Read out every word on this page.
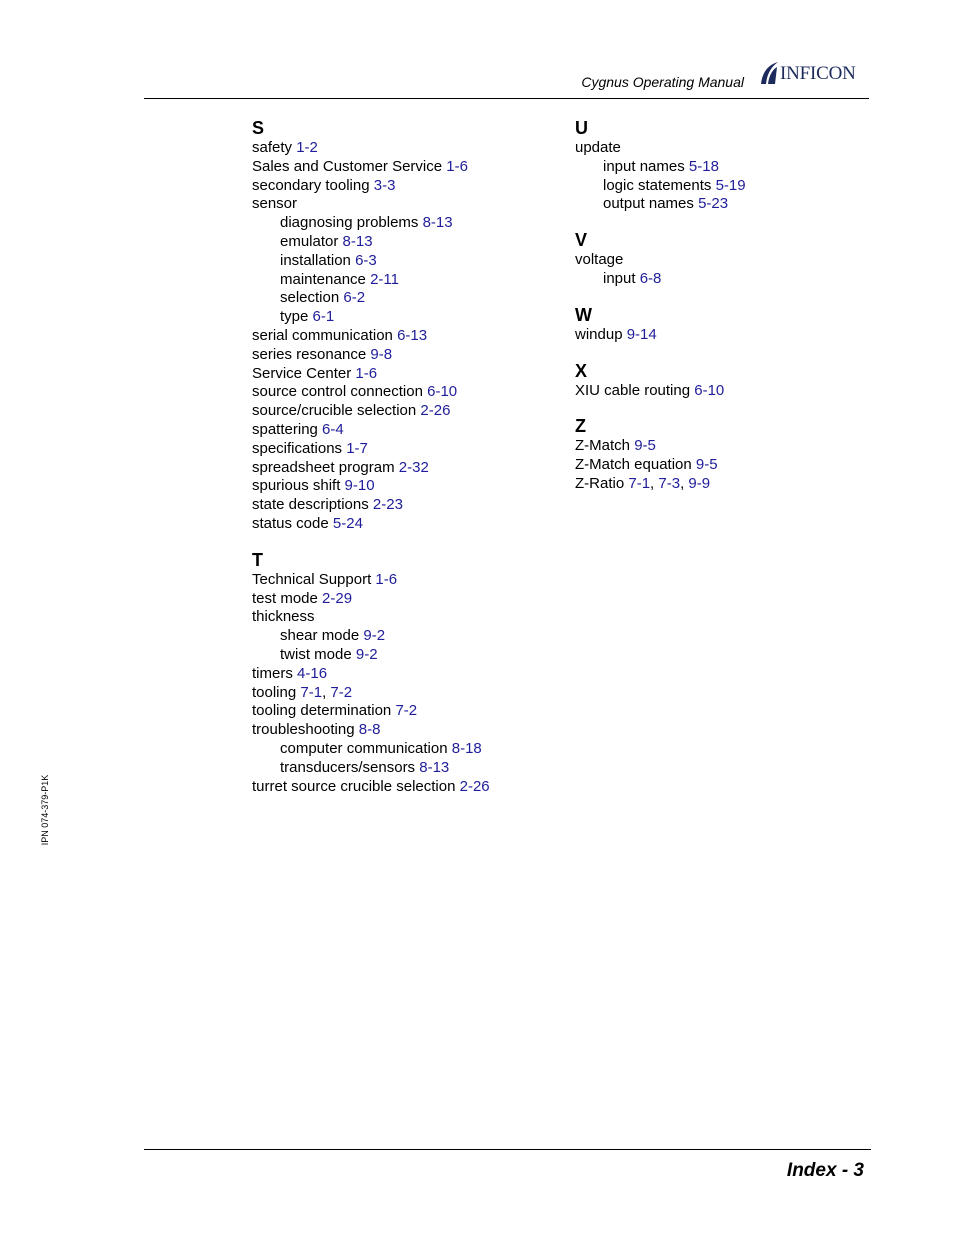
Cygnus Operating Manual INFICON
S
safety 1-2
Sales and Customer Service 1-6
secondary tooling 3-3
sensor
diagnosing problems 8-13
emulator 8-13
installation 6-3
maintenance 2-11
selection 6-2
type 6-1
serial communication 6-13
series resonance 9-8
Service Center 1-6
source control connection 6-10
source/crucible selection 2-26
spattering 6-4
specifications 1-7
spreadsheet program 2-32
spurious shift 9-10
state descriptions 2-23
status code 5-24
T
Technical Support 1-6
test mode 2-29
thickness
shear mode 9-2
twist mode 9-2
timers 4-16
tooling 7-1, 7-2
tooling determination 7-2
troubleshooting 8-8
computer communication 8-18
transducers/sensors 8-13
turret source crucible selection 2-26
U
update
input names 5-18
logic statements 5-19
output names 5-23
V
voltage
input 6-8
W
windup 9-14
X
XIU cable routing 6-10
Z
Z-Match 9-5
Z-Match equation 9-5
Z-Ratio 7-1, 7-3, 9-9
IPN 074-379-P1K
Index - 3
